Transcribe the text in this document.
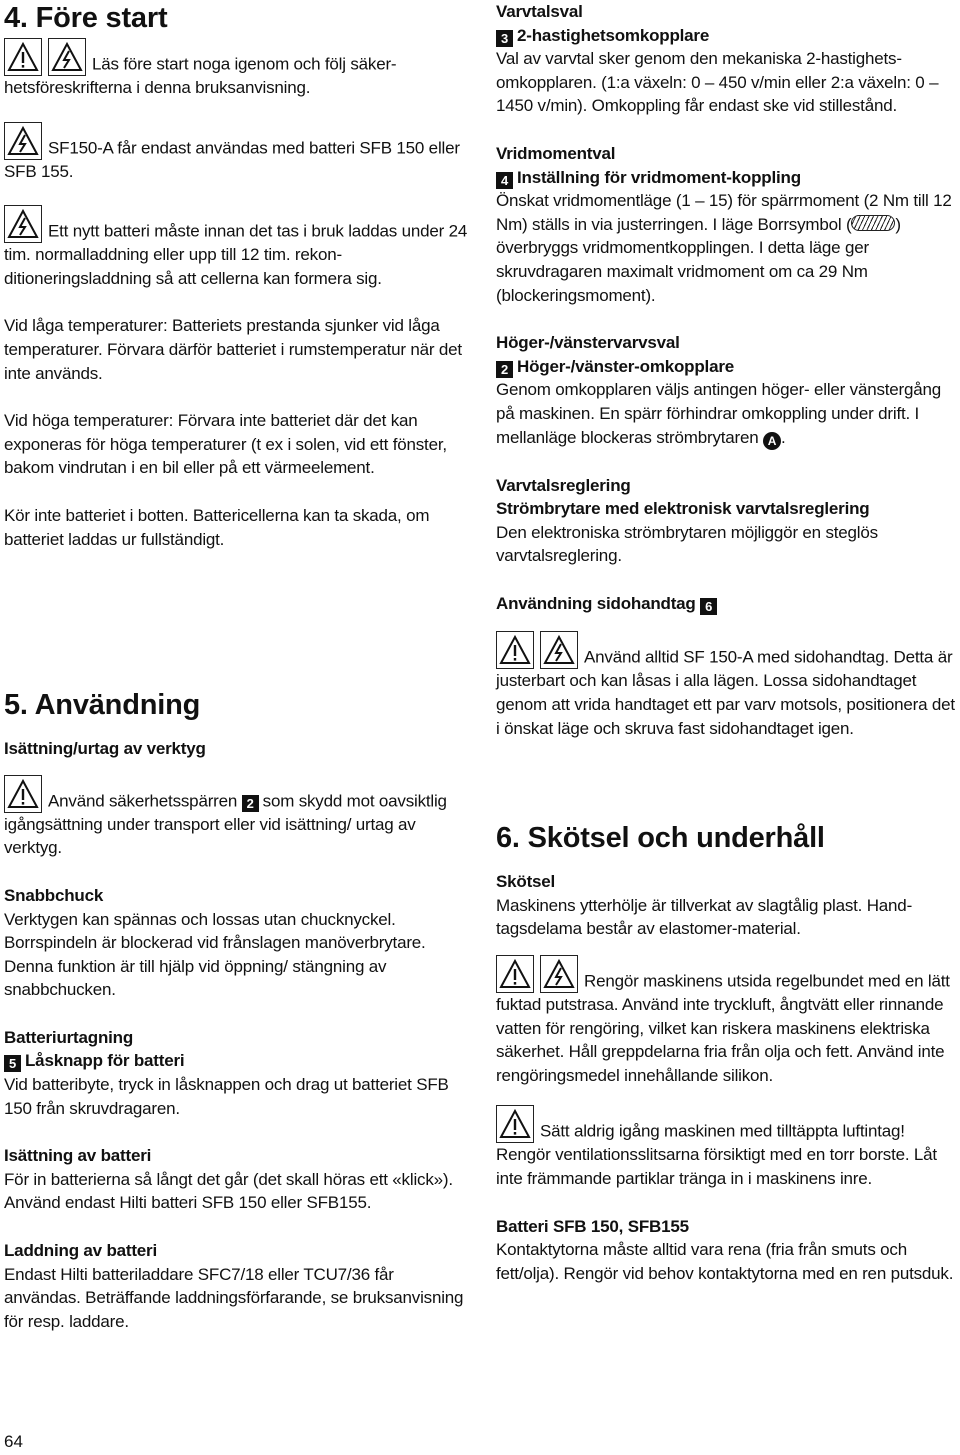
4. Före start

Läs före start noga igenom och följ säkerhetsföreskrifterna i denna bruksanvisning.

SF150-A får endast användas med batteri SFB 150 eller SFB 155.

Ett nytt batteri måste innan det tas i bruk laddas under 24 tim. normalladdning eller upp till 12 tim. rekonditioneringsladdning så att cellerna kan formera sig.

Vid låga temperaturer: Batteriets prestanda sjunker vid låga temperaturer. Förvara därför batteriet i rumstemperatur när det inte används.

Vid höga temperaturer: Förvara inte batteriet där det kan exponeras för höga temperaturer (t ex i solen, vid ett fönster, bakom vindrutan i en bil eller på ett värmeelement.

Kör inte batteriet i botten. Battericellerna kan ta skada, om batteriet laddas ur fullständigt.

5. Användning

Isättning/urtag av verktyg

Använd säkerhetsspärren 2 som skydd mot oavsiktlig igångsättning under transport eller vid isättning/ urtag av verktyg.

Snabbchuck

Verktygen kan spännas och lossas utan chucknyckel. Borrspindeln är blockerad vid frånslagen manöverbrytare. Denna funktion är till hjälp vid öppning/ stängning av snabbchucken.

Batteriurtagning

5 Låsknapp för batteri

Vid batteribyte, tryck in låsknappen och drag ut batteriet SFB 150 från skruvdragaren.

Isättning av batteri

För in batterierna så långt det går (det skall höras ett «klick»).

Använd endast Hilti batteri SFB 150 eller SFB155.

Laddning av batteri

Endast Hilti batteriladdare SFC7/18 eller TCU7/36 får användas. Beträffande laddningsförfarande, se bruksanvisning för resp. laddare.

Varvtalsval

3 2-hastighetsomkopplare

Val av varvtal sker genom den mekaniska 2-hastighetsomkopplaren. (1:a växeln: 0 – 450 v/min eller 2:a växeln: 0 – 1450 v/min). Omkoppling får endast ske vid stillestånd.

Vridmomentval

4 Inställning för vridmoment-koppling

Önskat vridmomentläge (1 – 15) för spärrmoment (2 Nm till 12 Nm) ställs in via justerringen. I läge Borrsymbol (	) överbryggs vridmomentkopplingen. I detta läge ger skruvdragaren maximalt vridmoment om ca 29 Nm (blockeringsmoment).

Höger-/vänstervarvsval

2 Höger-/vänster-omkopplare

Genom omkopplaren väljs antingen höger- eller vänstergång på maskinen. En spärr förhindrar omkoppling under drift. I mellanläge blockeras strömbrytaren A .

Varvtalsreglering

Strömbrytare med elektronisk varvtalsreglering

Den elektroniska strömbrytaren möjliggör en steglös varvtalsreglering.

Användning sidohandtag 6

Använd alltid SF 150-A med sidohandtag. Detta är justerbart och kan låsas i alla lägen. Lossa sidohandtaget genom att vrida handtaget ett par varv motsols, positionera det i önskat läge och skruva fast sidohandtaget igen.

6. Skötsel och underhåll

Skötsel

Maskinens ytterhölje är tillverkat av slagtålig plast. Handtagsdelama består av elastomer-material.

Rengör maskinens utsida regelbundet med en lätt fuktad putstrasa. Använd inte tryckluft, ångtvätt eller rinnande vatten för rengöring, vilket kan riskera maskinens elektriska säkerhet. Håll greppdelarna fria från olja och fett. Använd inte rengöringsmedel innehållande silikon.

Sätt aldrig igång maskinen med tilltäppta luftintag! Rengör ventilationsslitsarna försiktigt med en torr borste. Låt inte främmande partiklar tränga in i maskinens inre.

Batteri SFB 150, SFB155

Kontaktytorna måste alltid vara rena (fria från smuts och fett/olja). Rengör vid behov kontaktytorna med en ren putsduk.

64
